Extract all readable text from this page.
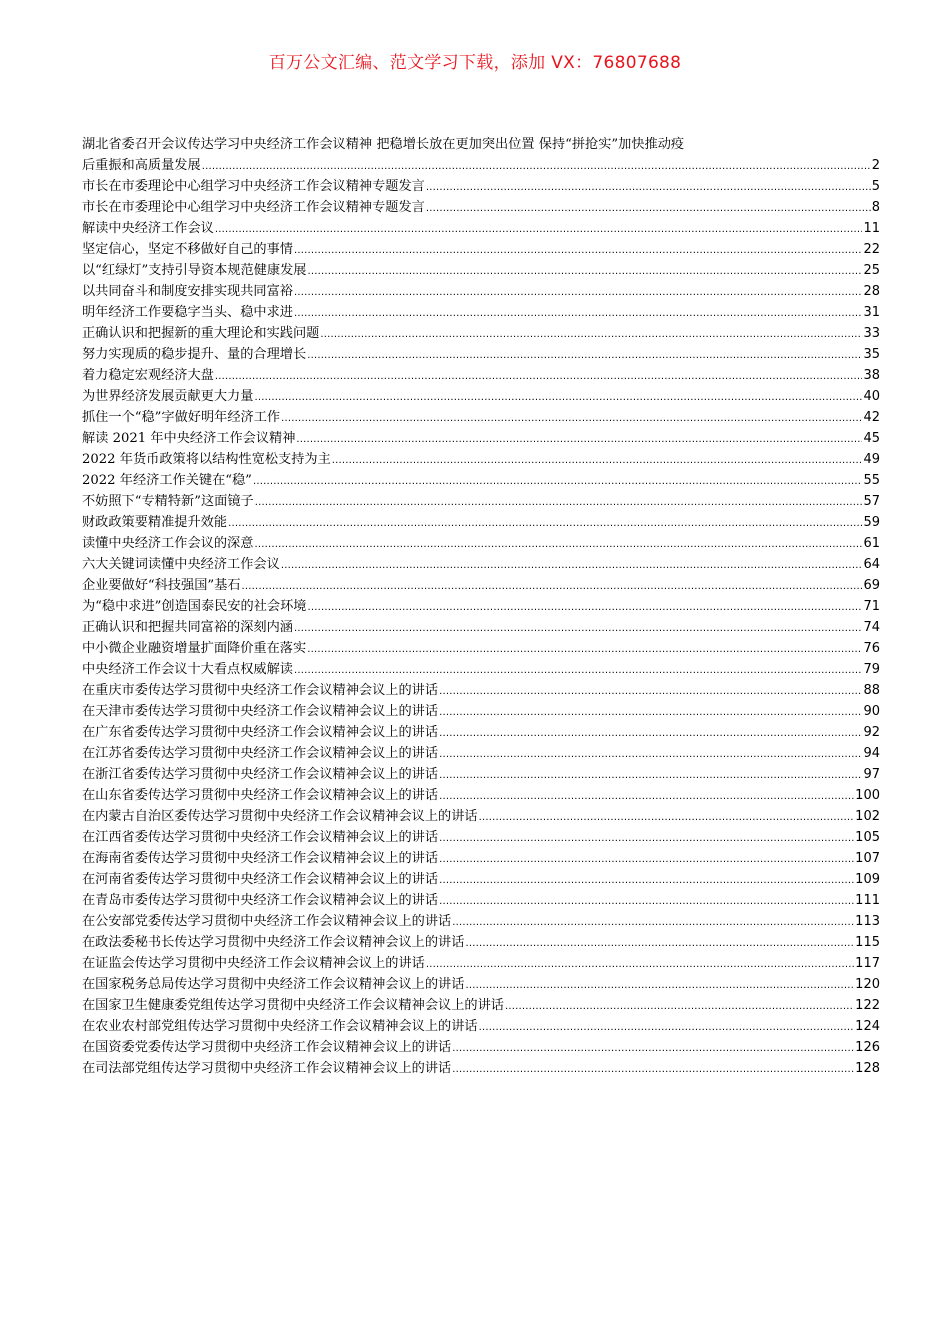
百万公文汇编、范文学习下载，添加 VX：76807688
湖北省委召开会议传达学习中央经济工作会议精神 把稳增长放在更加突出位置 保持“拼抢实”加快推动疫
后重振和高质量发展 .....	2
市长在市委理论中心组学习中央经济工作会议精神专题发言 .....	5
市长在市委理论中心组学习中央经济工作会议精神专题发言 .....	8
解读中央经济工作会议 .....	11
坚定信心，坚定不移做好自己的事情 .....	22
以“红绿灯”支持引导资本规范健康发展 .....	25
以共同奋斗和制度安排实现共同富裕 .....	28
明年经济工作要稳字当头、稳中求进 .....	31
正确认识和把握新的重大理论和实践问题 .....	33
努力实现质的稳步提升、量的合理增长 .....	35
着力稳定宏观经济大盘 .....	38
为世界经济发展贡献更大力量 .....	40
抓住一个“稳”字做好明年经济工作 .....	42
解读 2021 年中央经济工作会议精神 .....	45
2022 年货币政策将以结构性宽松支持为主 .....	49
2022 年经济工作关键在“稳” .....	55
不妨照下“专精特新”这面镜子 .....	57
财政政策要精准提升效能 .....	59
读懂中央经济工作会议的深意 .....	61
六大关键词读懂中央经济工作会议 .....	64
企业要做好“科技强国”基石 .....	69
为“稳中求进”创造国泰民安的社会环境 .....	71
正确认识和把握共同富裕的深刻内涵 .....	74
中小微企业融资增量扩面降价重在落实 .....	76
中央经济工作会议十大看点权威解读 .....	79
在重庆市委传达学习贯彻中央经济工作会议精神会议上的讲话 .....	88
在天津市委传达学习贯彻中央经济工作会议精神会议上的讲话 .....	90
在广东省委传达学习贯彻中央经济工作会议精神会议上的讲话 .....	92
在江苏省委传达学习贯彻中央经济工作会议精神会议上的讲话 .....	94
在浙江省委传达学习贯彻中央经济工作会议精神会议上的讲话 .....	97
在山东省委传达学习贯彻中央经济工作会议精神会议上的讲话 .....	100
在内蒙古自治区委传达学习贯彻中央经济工作会议精神会议上的讲话 .....	102
在江西省委传达学习贯彻中央经济工作会议精神会议上的讲话 .....	105
在海南省委传达学习贯彻中央经济工作会议精神会议上的讲话 .....	107
在河南省委传达学习贯彻中央经济工作会议精神会议上的讲话 .....	109
在青岛市委传达学习贯彻中央经济工作会议精神会议上的讲话 .....	111
在公安部党委传达学习贯彻中央经济工作会议精神会议上的讲话 .....	113
在政法委秘书长传达学习贯彻中央经济工作会议精神会议上的讲话 .....	115
在证监会传达学习贯彻中央经济工作会议精神会议上的讲话 .....	117
在国家税务总局传达学习贯彻中央经济工作会议精神会议上的讲话 .....	120
在国家卫生健康委党组传达学习贯彻中央经济工作会议精神会议上的讲话 .....	122
在农业农村部党组传达学习贯彻中央经济工作会议精神会议上的讲话 .....	124
在国资委党委传达学习贯彻中央经济工作会议精神会议上的讲话 .....	126
在司法部党组传达学习贯彻中央经济工作会议精神会议上的讲话 .....	128
